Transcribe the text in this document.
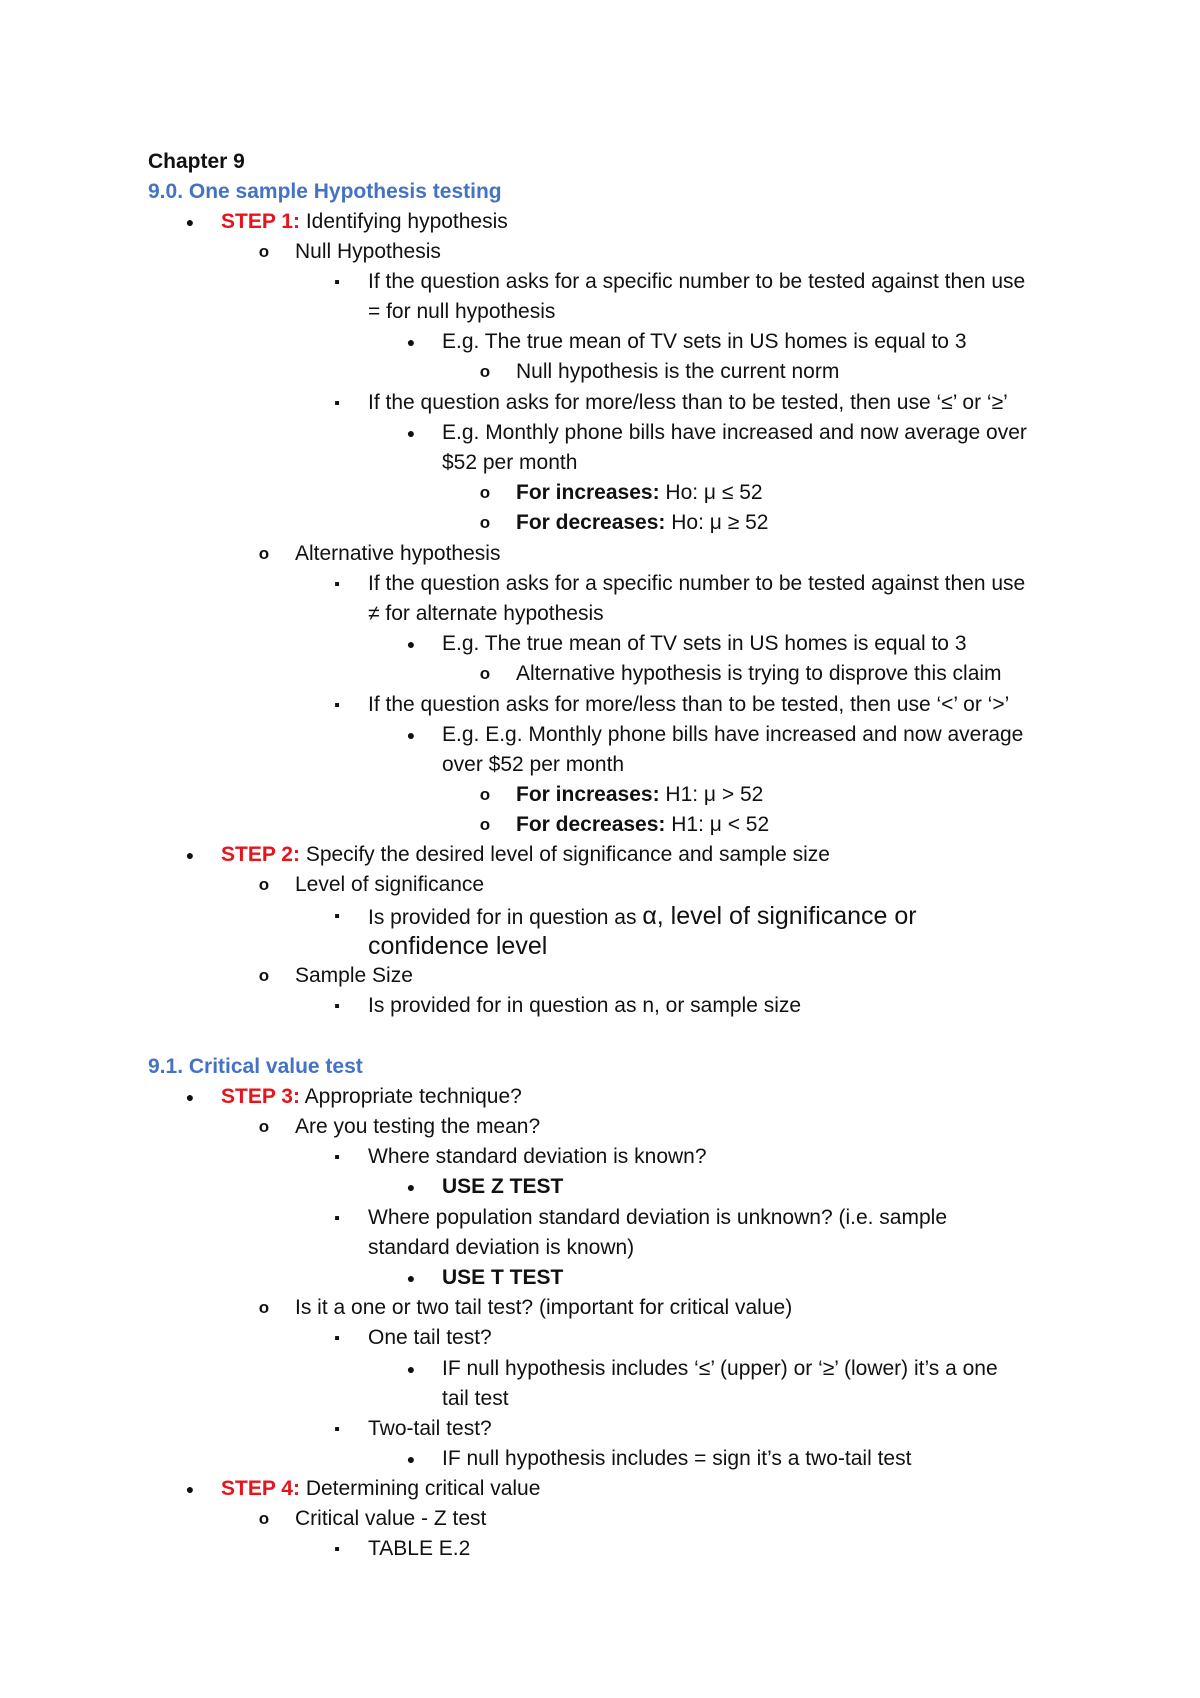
Chapter 9
9.0. One sample Hypothesis testing
●
STEP 1: Identifying hypothesis
o
Null Hypothesis
▪
If the question asks for a specific number to be tested against then use
= for null hypothesis
●
E.g. The true mean of TV sets in US homes is equal to 3
o
Null hypothesis is the current norm
▪
If the question asks for more/less than to be tested, then use ‘≤’ or ‘≥’
●
E.g. Monthly phone bills have increased and now average over
$52 per month
o
For increases: Ho: μ ≤ 52
o
For decreases: Ho: μ ≥ 52
o
Alternative hypothesis
▪
If the question asks for a specific number to be tested against then use
≠ for alternate hypothesis
●
E.g. The true mean of TV sets in US homes is equal to 3
o
Alternative hypothesis is trying to disprove this claim
▪
If the question asks for more/less than to be tested, then use ‘<’ or ‘>’
●
E.g. E.g. Monthly phone bills have increased and now average
over $52 per month
o
For increases: H1: μ > 52
o
For decreases: H1: μ < 52
●
STEP 2: Specify the desired level of significance and sample size
o
Level of significance
▪
Is provided for in question as α, level of significance or
confidence level
o
Sample Size
▪
Is provided for in question as n, or sample size
9.1. Critical value test
●
STEP 3: Appropriate technique?
o
Are you testing the mean?
▪
Where standard deviation is known?
●
USE Z TEST
▪
Where population standard deviation is unknown? (i.e. sample
standard deviation is known)
●
USE T TEST
o
Is it a one or two tail test? (important for critical value)
▪
One tail test?
●
IF null hypothesis includes ‘≤’ (upper) or ‘≥’ (lower) it’s a one
tail test
▪
Two-tail test?
●
IF null hypothesis includes = sign it’s a two-tail test
●
STEP 4: Determining critical value
o
Critical value - Z test
▪
TABLE E.2
